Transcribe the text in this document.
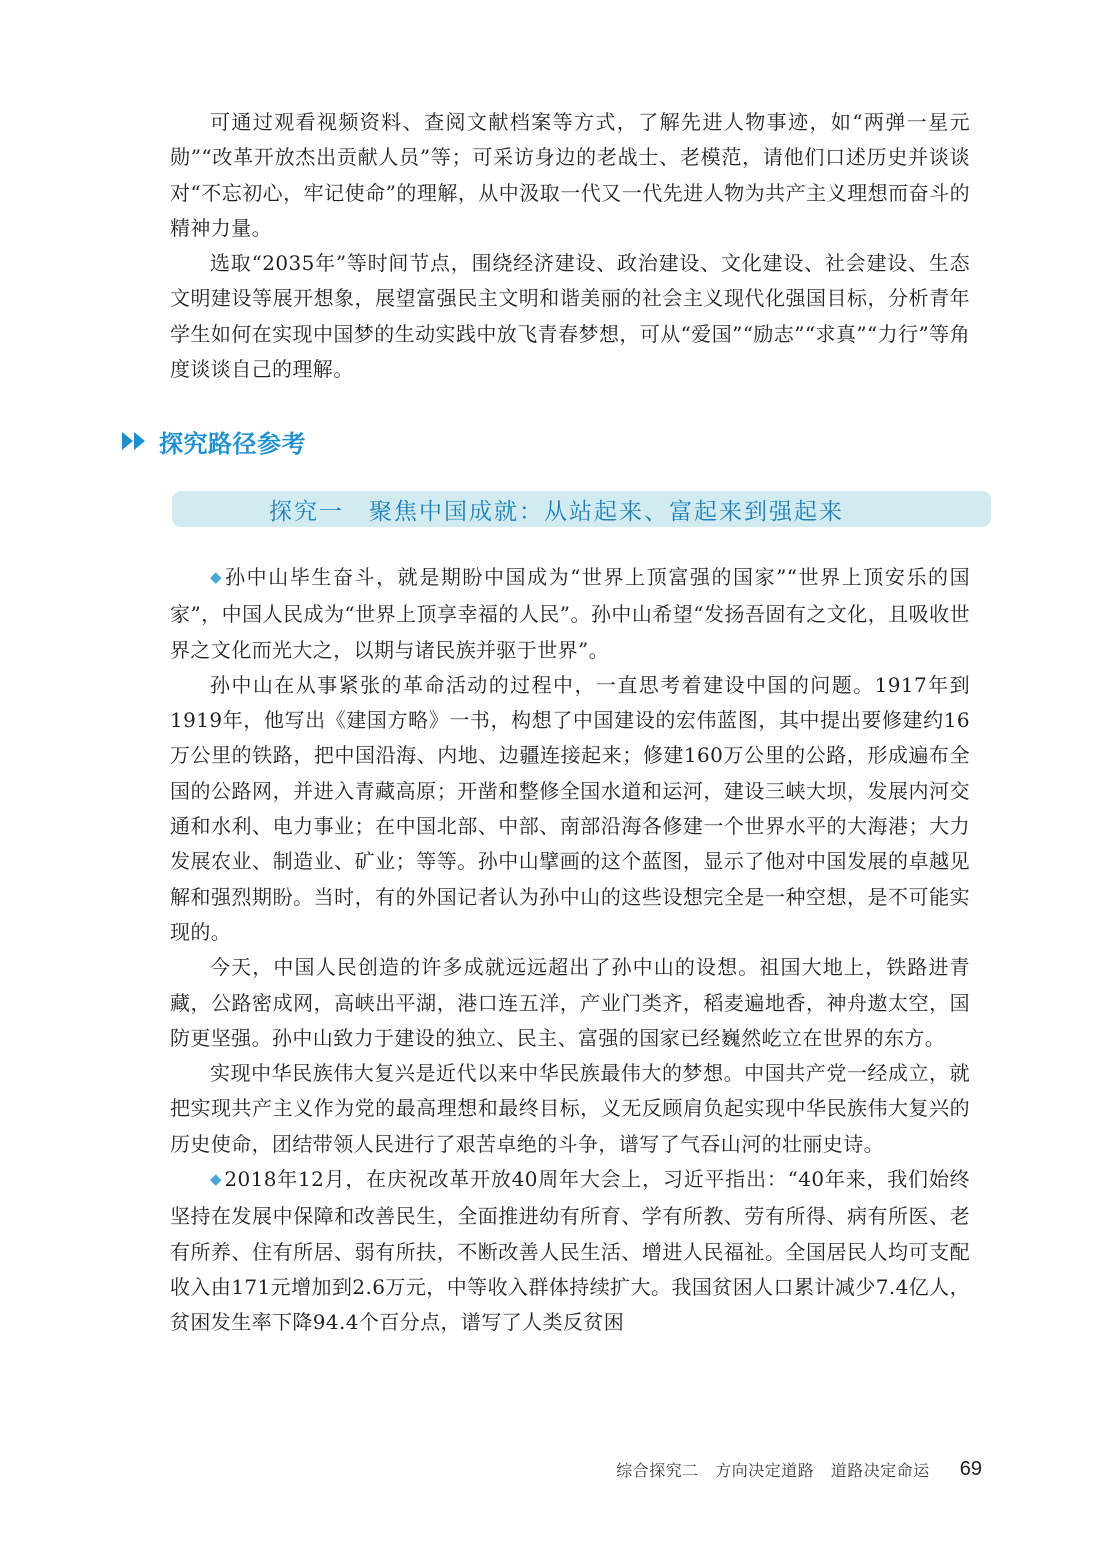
可通过观看视频资料、查阅文献档案等方式，了解先进人物事迹，如“两弹一星元勋”“改革开放杰出贡献人员”等；可采访身边的老战士、老模范，请他们口述历史并谈谈对“不忘初心，牢记使命”的理解，从中汲取一代又一代先进人物为共产主义理想而奋斗的精神力量。

选取“2035年”等时间节点，围绕经济建设、政治建设、文化建设、社会建设、生态文明建设等展开想象，展望富强民主文明和谐美丽的社会主义现代化强国目标，分析青年学生如何在实现中国梦的生动实践中放飞青春梦想，可从“爱国”“励志”“求真”“力行”等角度谈谈自己的理解。

探究路径参考
探究一　聚焦中国成就：从站起来、富起来到强起来

◆ 孙中山毕生奋斗，就是期盼中国成为“世界上顶富强的国家”“世界上顶安乐的国家”，中国人民成为“世界上顶享幸福的人民”。孙中山希望“发扬吾固有之文化，且吸收世界之文化而光大之，以期与诸民族并驱于世界”。

孙中山在从事紧张的革命活动的过程中，一直思考着建设中国的问题。1917年到1919年，他写出《建国方略》一书，构想了中国建设的宏伟蓝图，其中提出要修建约16万公里的铁路，把中国沿海、内地、边疆连接起来；修建160万公里的公路，形成遍布全国的公路网，并进入青藏高原；开凿和整修全国水道和运河，建设三峡大坝，发展内河交通和水利、电力事业；在中国北部、中部、南部沿海各修建一个世界水平的大海港；大力发展农业、制造业、矿业；等等。孙中山擘画的这个蓝图，显示了他对中国发展的卓越见解和强烈期盼。当时，有的外国记者认为孙中山的这些设想完全是一种空想，是不可能实现的。

今天，中国人民创造的许多成就远远超出了孙中山的设想。祖国大地上，铁路进青藏，公路密成网，高峡出平湖，港口连五洋，产业门类齐，稻麦遍地香，神舟遨太空，国防更坚强。孙中山致力于建设的独立、民主、富强的国家已经巍然屹立在世界的东方。

实现中华民族伟大复兴是近代以来中华民族最伟大的梦想。中国共产党一经成立，就把实现共产主义作为党的最高理想和最终目标，义无反顾肩负起实现中华民族伟大复兴的历史使命，团结带领人民进行了艰苦卓绝的斗争，谱写了气吞山河的壮丽史诗。

◆ 2018年12月，在庆祝改革开放40周年大会上，习近平指出：“40年来，我们始终坚持在发展中保障和改善民生，全面推进幼有所育、学有所教、劳有所得、病有所医、老有所养、住有所居、弱有所扶，不断改善人民生活、增进人民福祉。全国居民人均可支配收入由171元增加到2.6万元，中等收入群体持续扩大。我国贫困人口累计减少7.4亿人，贫困发生率下降94.4个百分点，谱写了人类反贫困

综合探究二　方向决定道路　道路决定命运 69
